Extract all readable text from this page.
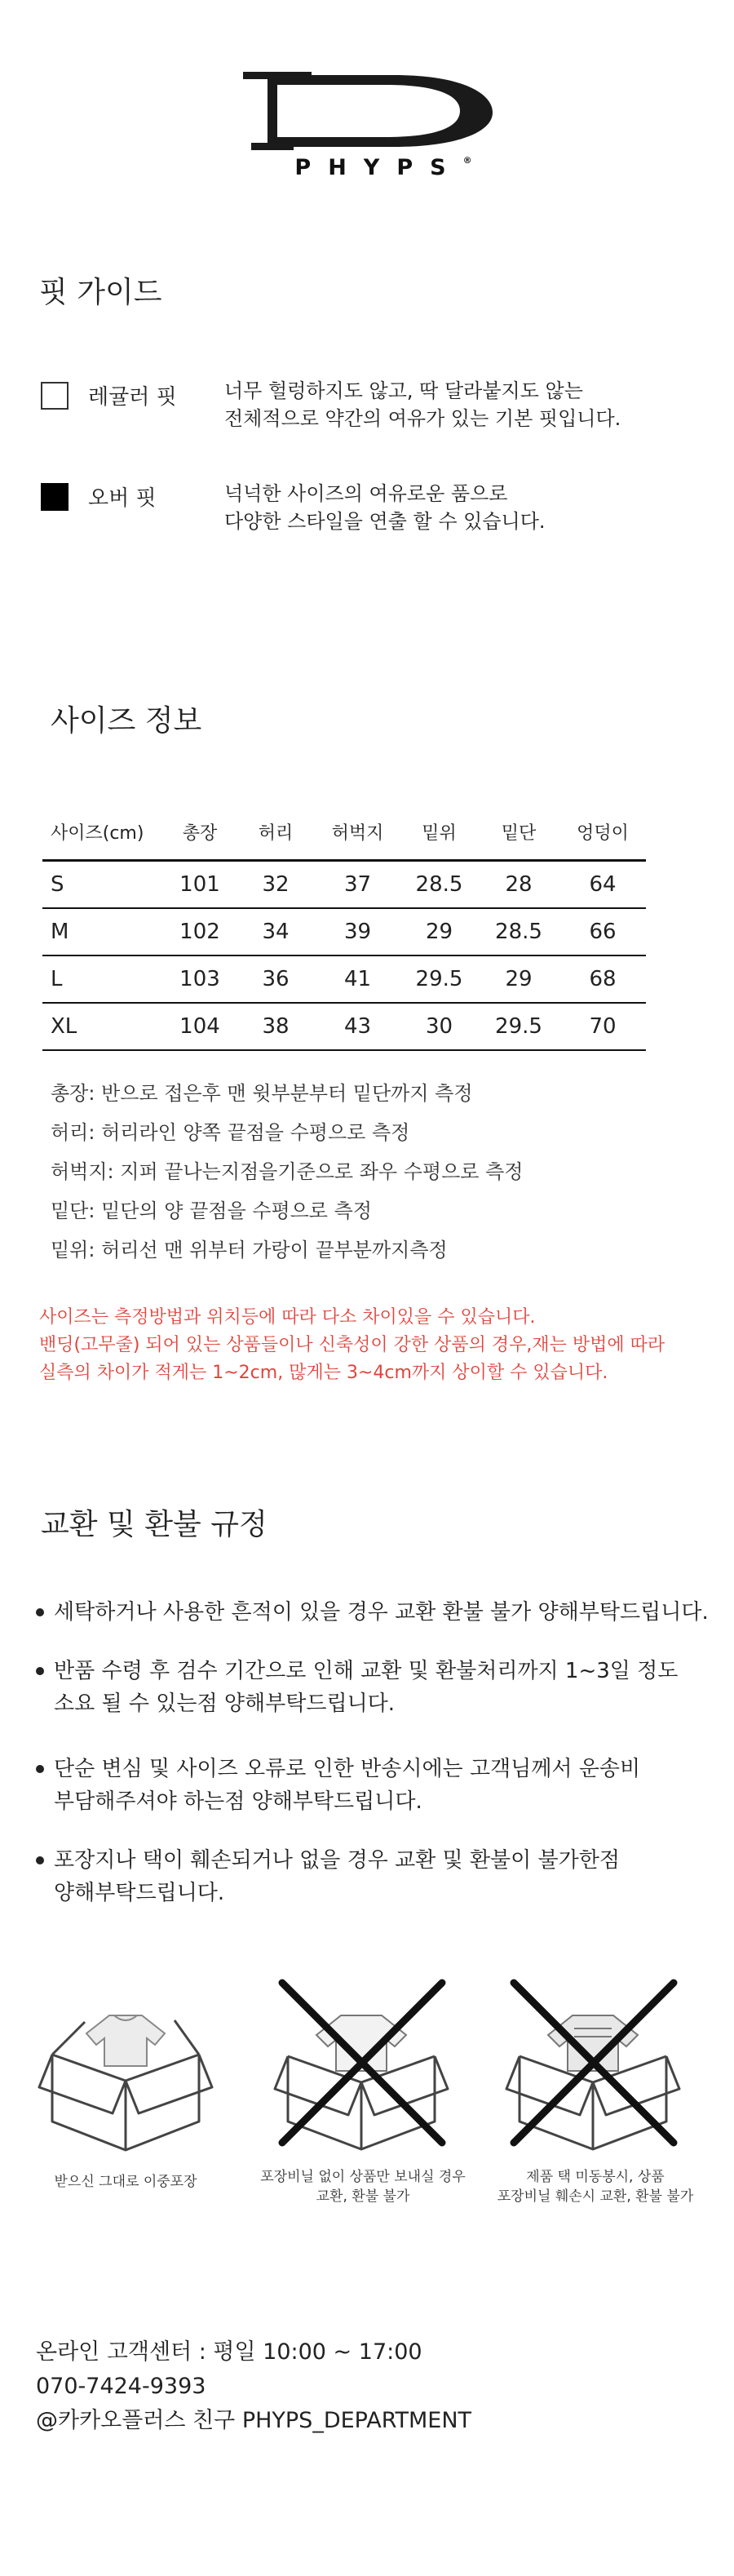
PHYPS®
핏 가이드
레귤러 핏 너무 헐렁하지도 않고, 딱 달라붙지도 않는
전체적으로 약간의 여유가 있는 기본 핏입니다.
오버 핏	넉넉한 사이즈의 여유로운 품으로
다양한 스타일을 연출 할 수 있습니다.
사이즈 정보
사이즈(cm)	총장	허리	허벅지	밑위	밑단	엉덩이
S	101	32	37	28.5	28	64
M	102	34	39	29	28.5	66
L	103	36	41	29.5	29	68
XL	104	38	43	30	29.5	70
총장: 반으로 접은후 맨 윗부분부터 밑단까지 측정
허리: 허리라인 양쪽 끝점을 수평으로 측정
허벅지: 지퍼 끝나는지점을기준으로 좌우 수평으로 측정
밑단: 밑단의 양 끝점을 수평으로 측정
밑위: 허리선 맨 위부터 가랑이 끝부분까지측정
사이즈는 측정방법과 위치등에 따라 다소 차이있을 수 있습니다.
밴딩(고무줄) 되어 있는 상품들이나 신축성이 강한 상품의 경우,재는 방법에 따라
실측의 차이가 적게는 1~2cm, 많게는 3~4cm까지 상이할 수 있습니다.
교환 및 환불 규정
세탁하거나 사용한 흔적이 있을 경우 교환 환불 불가 양해부탁드립니다.
반품 수령 후 검수 기간으로 인해 교환 및 환불처리까지 1~3일 정도
소요 될 수 있는점 양해부탁드립니다.
단순 변심 및 사이즈 오류로 인한 반송시에는 고객님께서 운송비
부담해주셔야 하는점 양해부탁드립니다.
포장지나 택이 훼손되거나 없을 경우 교환 및 환불이 불가한점
양해부탁드립니다.
받으신 그대로 이중포장	포장비닐 없이 상품만 보내실 경우
교환, 환불 불가
제품 택 미동봉시, 상품
포장비닐 훼손시 교환, 환불 불가
온라인 고객센터 : 평일 10:00 ~ 17:00
070-7424-9393
@카카오플러스 친구 PHYPS_DEPARTMENT
